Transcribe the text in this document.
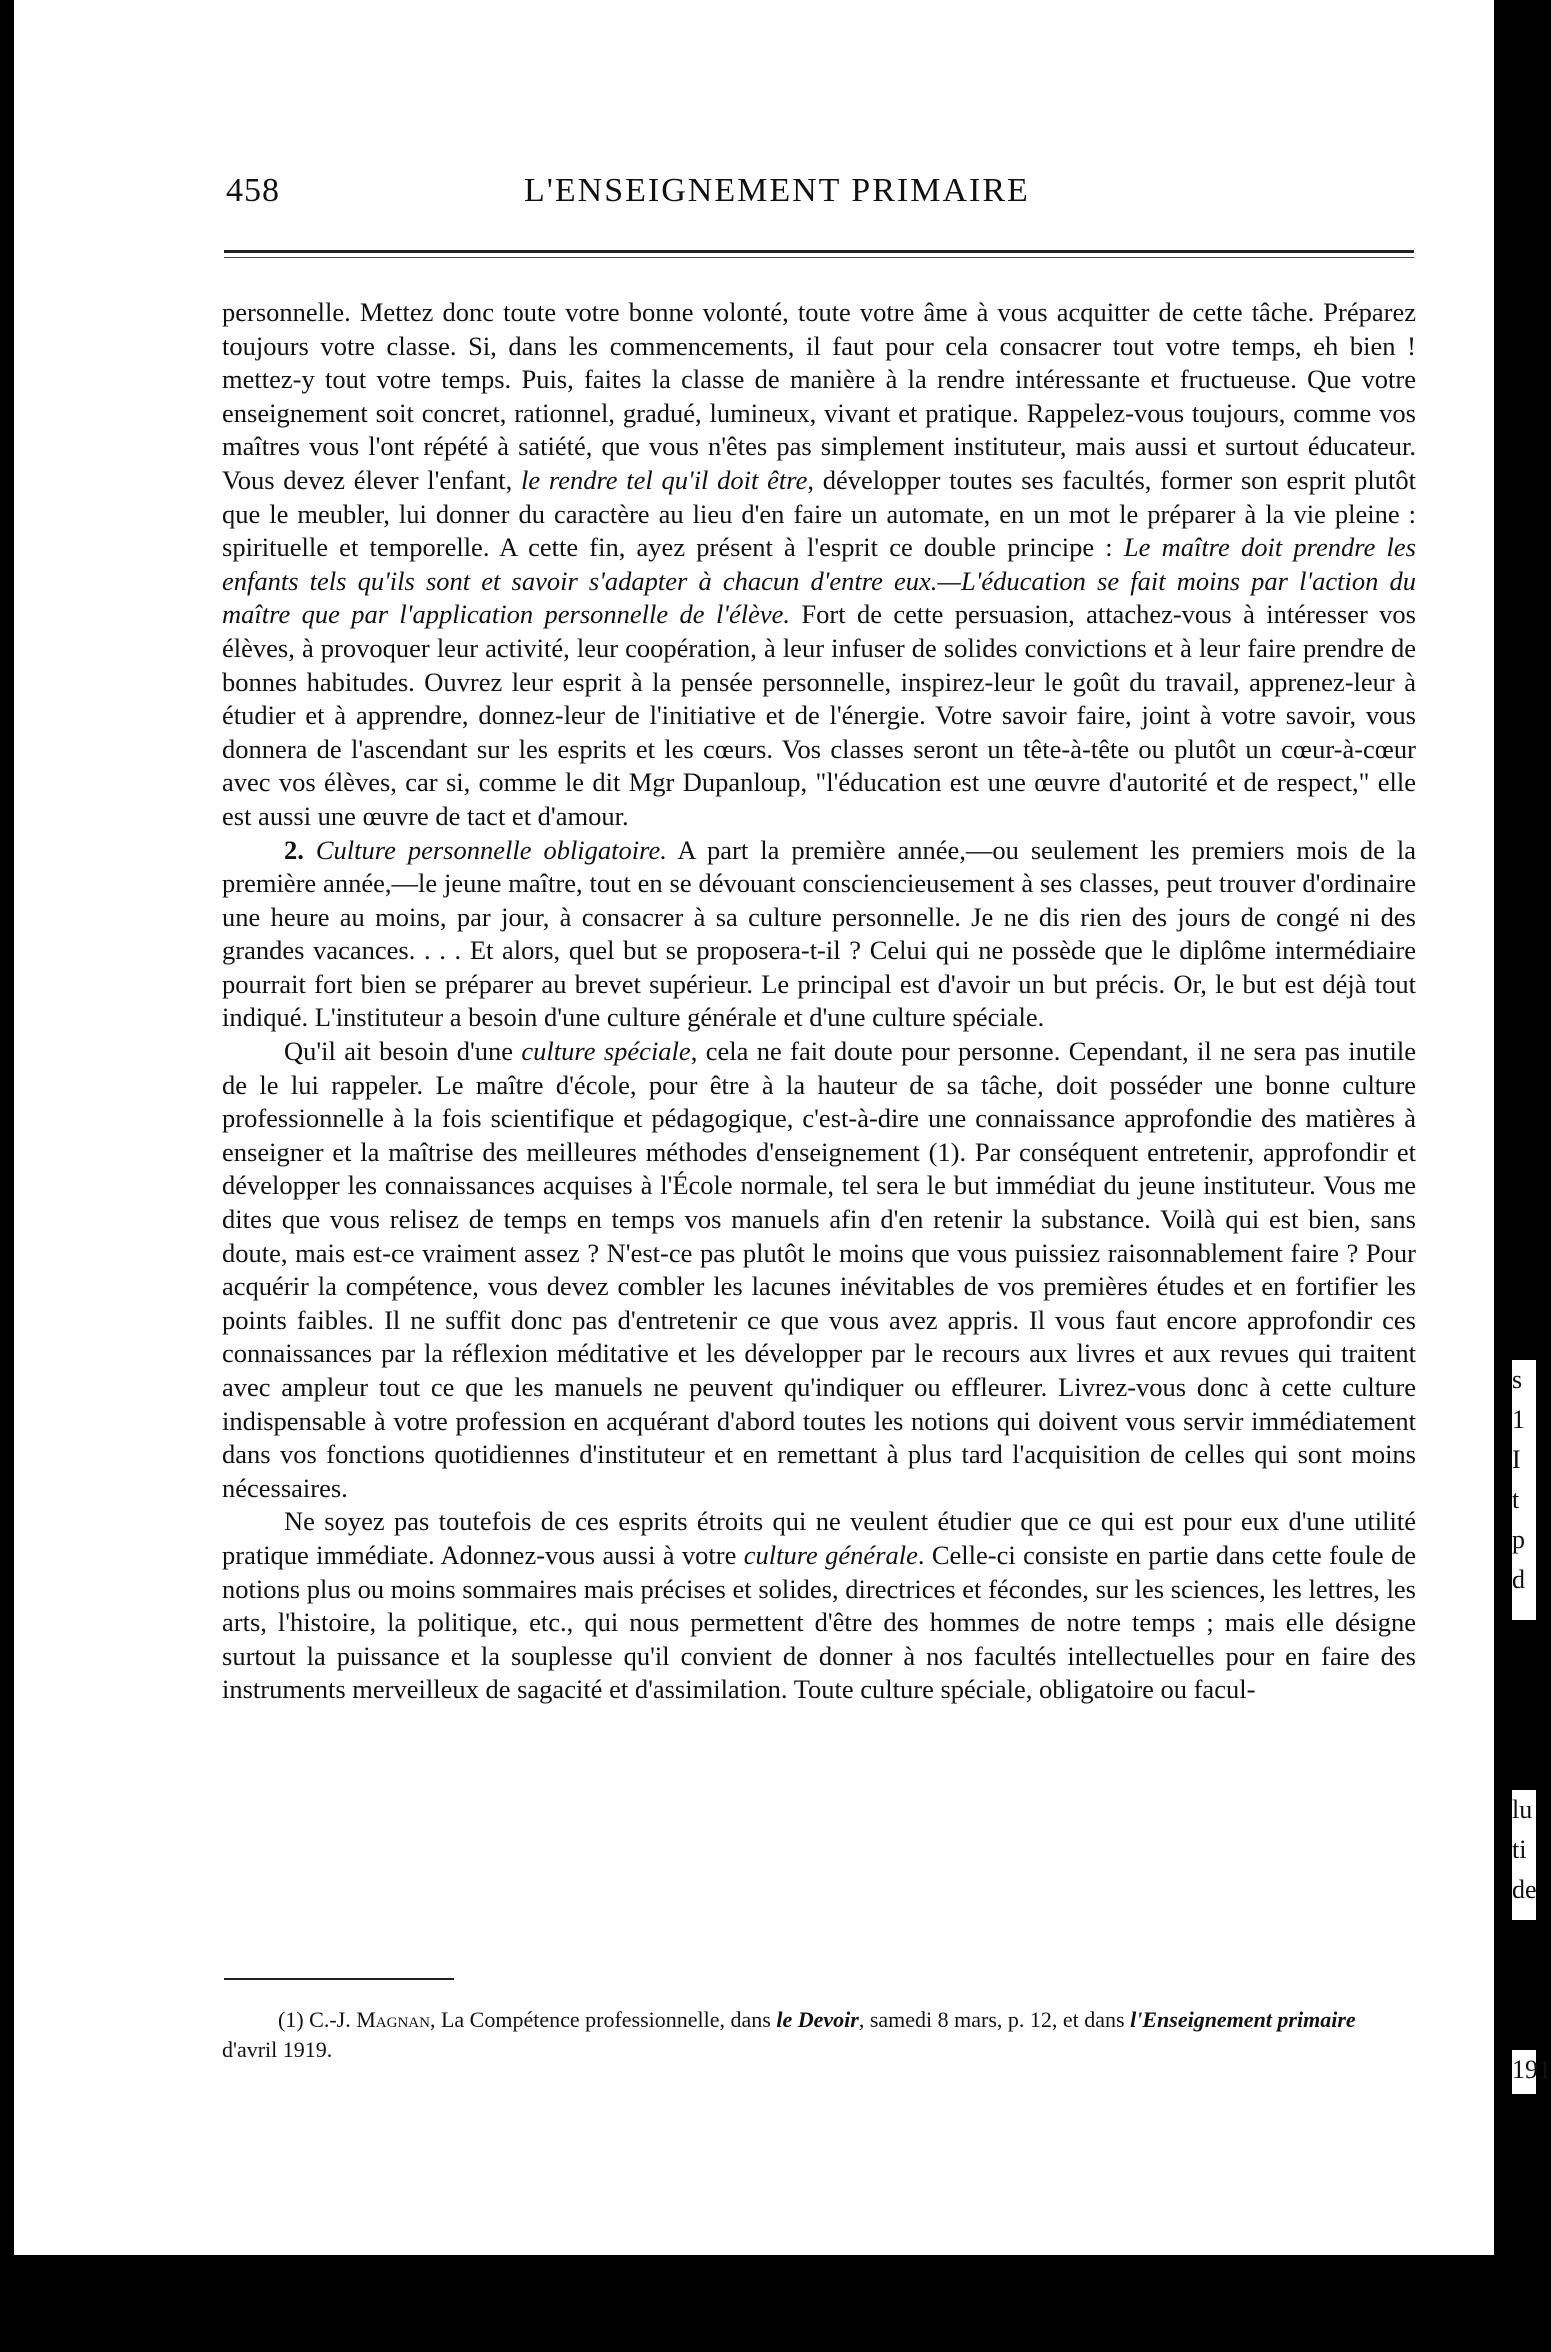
458	L'ENSEIGNEMENT PRIMAIRE

personnelle. Mettez donc toute votre bonne volonté, toute votre âme à vous acquitter de cette tâche. Préparez toujours votre classe. Si, dans les commencements, il faut pour cela consacrer tout votre temps, eh bien ! mettez-y tout votre temps. Puis, faites la classe de manière à la rendre intéressante et fructueuse. Que votre enseignement soit concret, rationnel, gradué, lumineux, vivant et pratique. Rappelez-vous toujours, comme vos maîtres vous l'ont répété à satiété, que vous n'êtes pas simplement instituteur, mais aussi et surtout éducateur. Vous devez élever l'enfant, le rendre tel qu'il doit être, développer toutes ses facultés, former son esprit plutôt que le meubler, lui donner du caractère au lieu d'en faire un automate, en un mot le préparer à la vie pleine : spirituelle et temporelle. A cette fin, ayez présent à l'esprit ce double principe : Le maître doit prendre les enfants tels qu'ils sont et savoir s'adapter à chacun d'entre eux.—L'éducation se fait moins par l'action du maître que par l'application personnelle de l'élève. Fort de cette persuasion, attachez-vous à intéresser vos élèves, à provoquer leur activité, leur coopération, à leur infuser de solides convictions et à leur faire prendre de bonnes habitudes. Ouvrez leur esprit à la pensée personnelle, inspirez-leur le goût du travail, apprenez-leur à étudier et à apprendre, donnez-leur de l'initiative et de l'énergie. Votre savoir faire, joint à votre savoir, vous donnera de l'ascendant sur les esprits et les cœurs. Vos classes seront un tête-à-tête ou plutôt un cœur-à-cœur avec vos élèves, car si, comme le dit Mgr Dupanloup, "l'éducation est une œuvre d'autorité et de respect," elle est aussi une œuvre de tact et d'amour.

2. Culture personnelle obligatoire. A part la première année,—ou seulement les premiers mois de la première année,—le jeune maître, tout en se dévouant consciencieusement à ses classes, peut trouver d'ordinaire une heure au moins, par jour, à consacrer à sa culture personnelle. Je ne dis rien des jours de congé ni des grandes vacances. . . . Et alors, quel but se proposera-t-il ? Celui qui ne possède que le diplôme intermédiaire pourrait fort bien se préparer au brevet supérieur. Le principal est d'avoir un but précis. Or, le but est déjà tout indiqué. L'instituteur a besoin d'une culture générale et d'une culture spéciale.

Qu'il ait besoin d'une culture spéciale, cela ne fait doute pour personne. Cependant, il ne sera pas inutile de le lui rappeler. Le maître d'école, pour être à la hauteur de sa tâche, doit posséder une bonne culture professionnelle à la fois scientifique et pédagogique, c'est-à-dire une connaissance approfondie des matières à enseigner et la maîtrise des meilleures méthodes d'enseignement (1). Par conséquent entretenir, approfondir et développer les connaissances acquises à l'École normale, tel sera le but immédiat du jeune instituteur. Vous me dites que vous relisez de temps en temps vos manuels afin d'en retenir la substance. Voilà qui est bien, sans doute, mais est-ce vraiment assez ? N'est-ce pas plutôt le moins que vous puissiez raisonnablement faire ? Pour acquérir la compétence, vous devez combler les lacunes inévitables de vos premières études et en fortifier les points faibles. Il ne suffit donc pas d'entretenir ce que vous avez appris. Il vous faut encore approfondir ces connaissances par la réflexion méditative et les développer par le recours aux livres et aux revues qui traitent avec ampleur tout ce que les manuels ne peuvent qu'indiquer ou effleurer. Livrez-vous donc à cette culture indispensable à votre profession en acquérant d'abord toutes les notions qui doivent vous servir immédiatement dans vos fonctions quotidiennes d'instituteur et en remettant à plus tard l'acquisition de celles qui sont moins nécessaires.

Ne soyez pas toutefois de ces esprits étroits qui ne veulent étudier que ce qui est pour eux d'une utilité pratique immédiate. Adonnez-vous aussi à votre culture générale. Celle-ci consiste en partie dans cette foule de notions plus ou moins sommaires mais précises et solides, directrices et fécondes, sur les sciences, les lettres, les arts, l'histoire, la politique, etc., qui nous permettent d'être des hommes de notre temps ; mais elle désigne surtout la puissance et la souplesse qu'il convient de donner à nos facultés intellectuelles pour en faire des instruments merveilleux de sagacité et d'assimilation. Toute culture spéciale, obligatoire ou facul-

(1) C.-J. Magnan, La Compétence professionnelle, dans le Devoir, samedi 8 mars, p. 12, et dans l'Enseignement primaire d'avril 1919.

s
1
I
t
p
d
lu
ti
de
191
